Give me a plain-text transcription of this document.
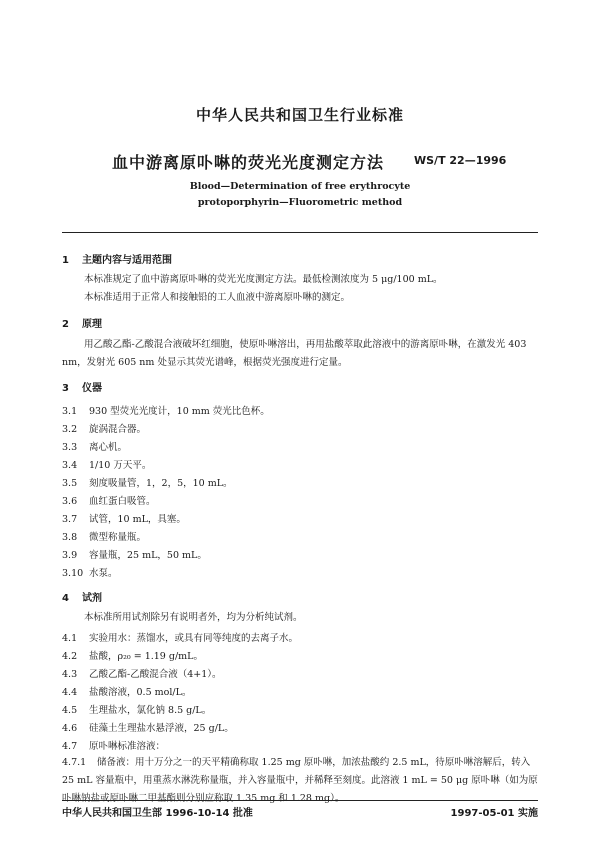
中华人民共和国卫生行业标准
血中游离原卟啉的荧光光度测定方法	WS/T 22—1996
Blood—Determination of free erythrocyte
protoporphyrin—Fluorometric method
1 主题内容与适用范围
本标准规定了血中游离原卟啉的荧光光度测定方法。最低检测浓度为 5 μg/100 mL。
本标准适用于正常人和接触铅的工人血液中游离原卟啉的测定。
2 原理
用乙酸乙酯-乙酸混合液破坏红细胞，使原卟啉溶出，再用盐酸萃取此溶液中的游离原卟啉，在激发光 403 nm，发射光 605 nm 处显示其荧光谱峰，根据荧光强度进行定量。
3 仪器
3.1 930 型荧光光度计，10 mm 荧光比色杯。
3.2 旋涡混合器。
3.3 离心机。
3.4 1/10 万天平。
3.5 刻度吸量管，1，2，5，10 mL。
3.6 血红蛋白吸管。
3.7 试管，10 mL，具塞。
3.8 微型称量瓶。
3.9 容量瓶，25 mL，50 mL。
3.10 水泵。
4 试剂
本标准所用试剂除另有说明者外，均为分析纯试剂。
4.1 实验用水：蒸馏水，或具有同等纯度的去离子水。
4.2 盐酸，ρ₂₀ = 1.19 g/mL。
4.3 乙酸乙酯-乙酸混合液（4+1）。
4.4 盐酸溶液，0.5 mol/L。
4.5 生理盐水，氯化钠 8.5 g/L。
4.6 硅藻土生理盐水悬浮液，25 g/L。
4.7 原卟啉标准溶液：
4.7.1 储备液：用十万分之一的天平精确称取 1.25 mg 原卟啉，加浓盐酸约 2.5 mL，待原卟啉溶解后，转入 25 mL 容量瓶中，用重蒸水淋洗称量瓶，并入容量瓶中，并稀释至刻度。此溶液 1 mL = 50 μg 原卟啉（如为原卟啉钠盐或原卟啉二甲基酯则分别应称取 1.35 mg 和 1.28 mg）。
中华人民共和国卫生部 1996-10-14 批准	1997-05-01 实施
